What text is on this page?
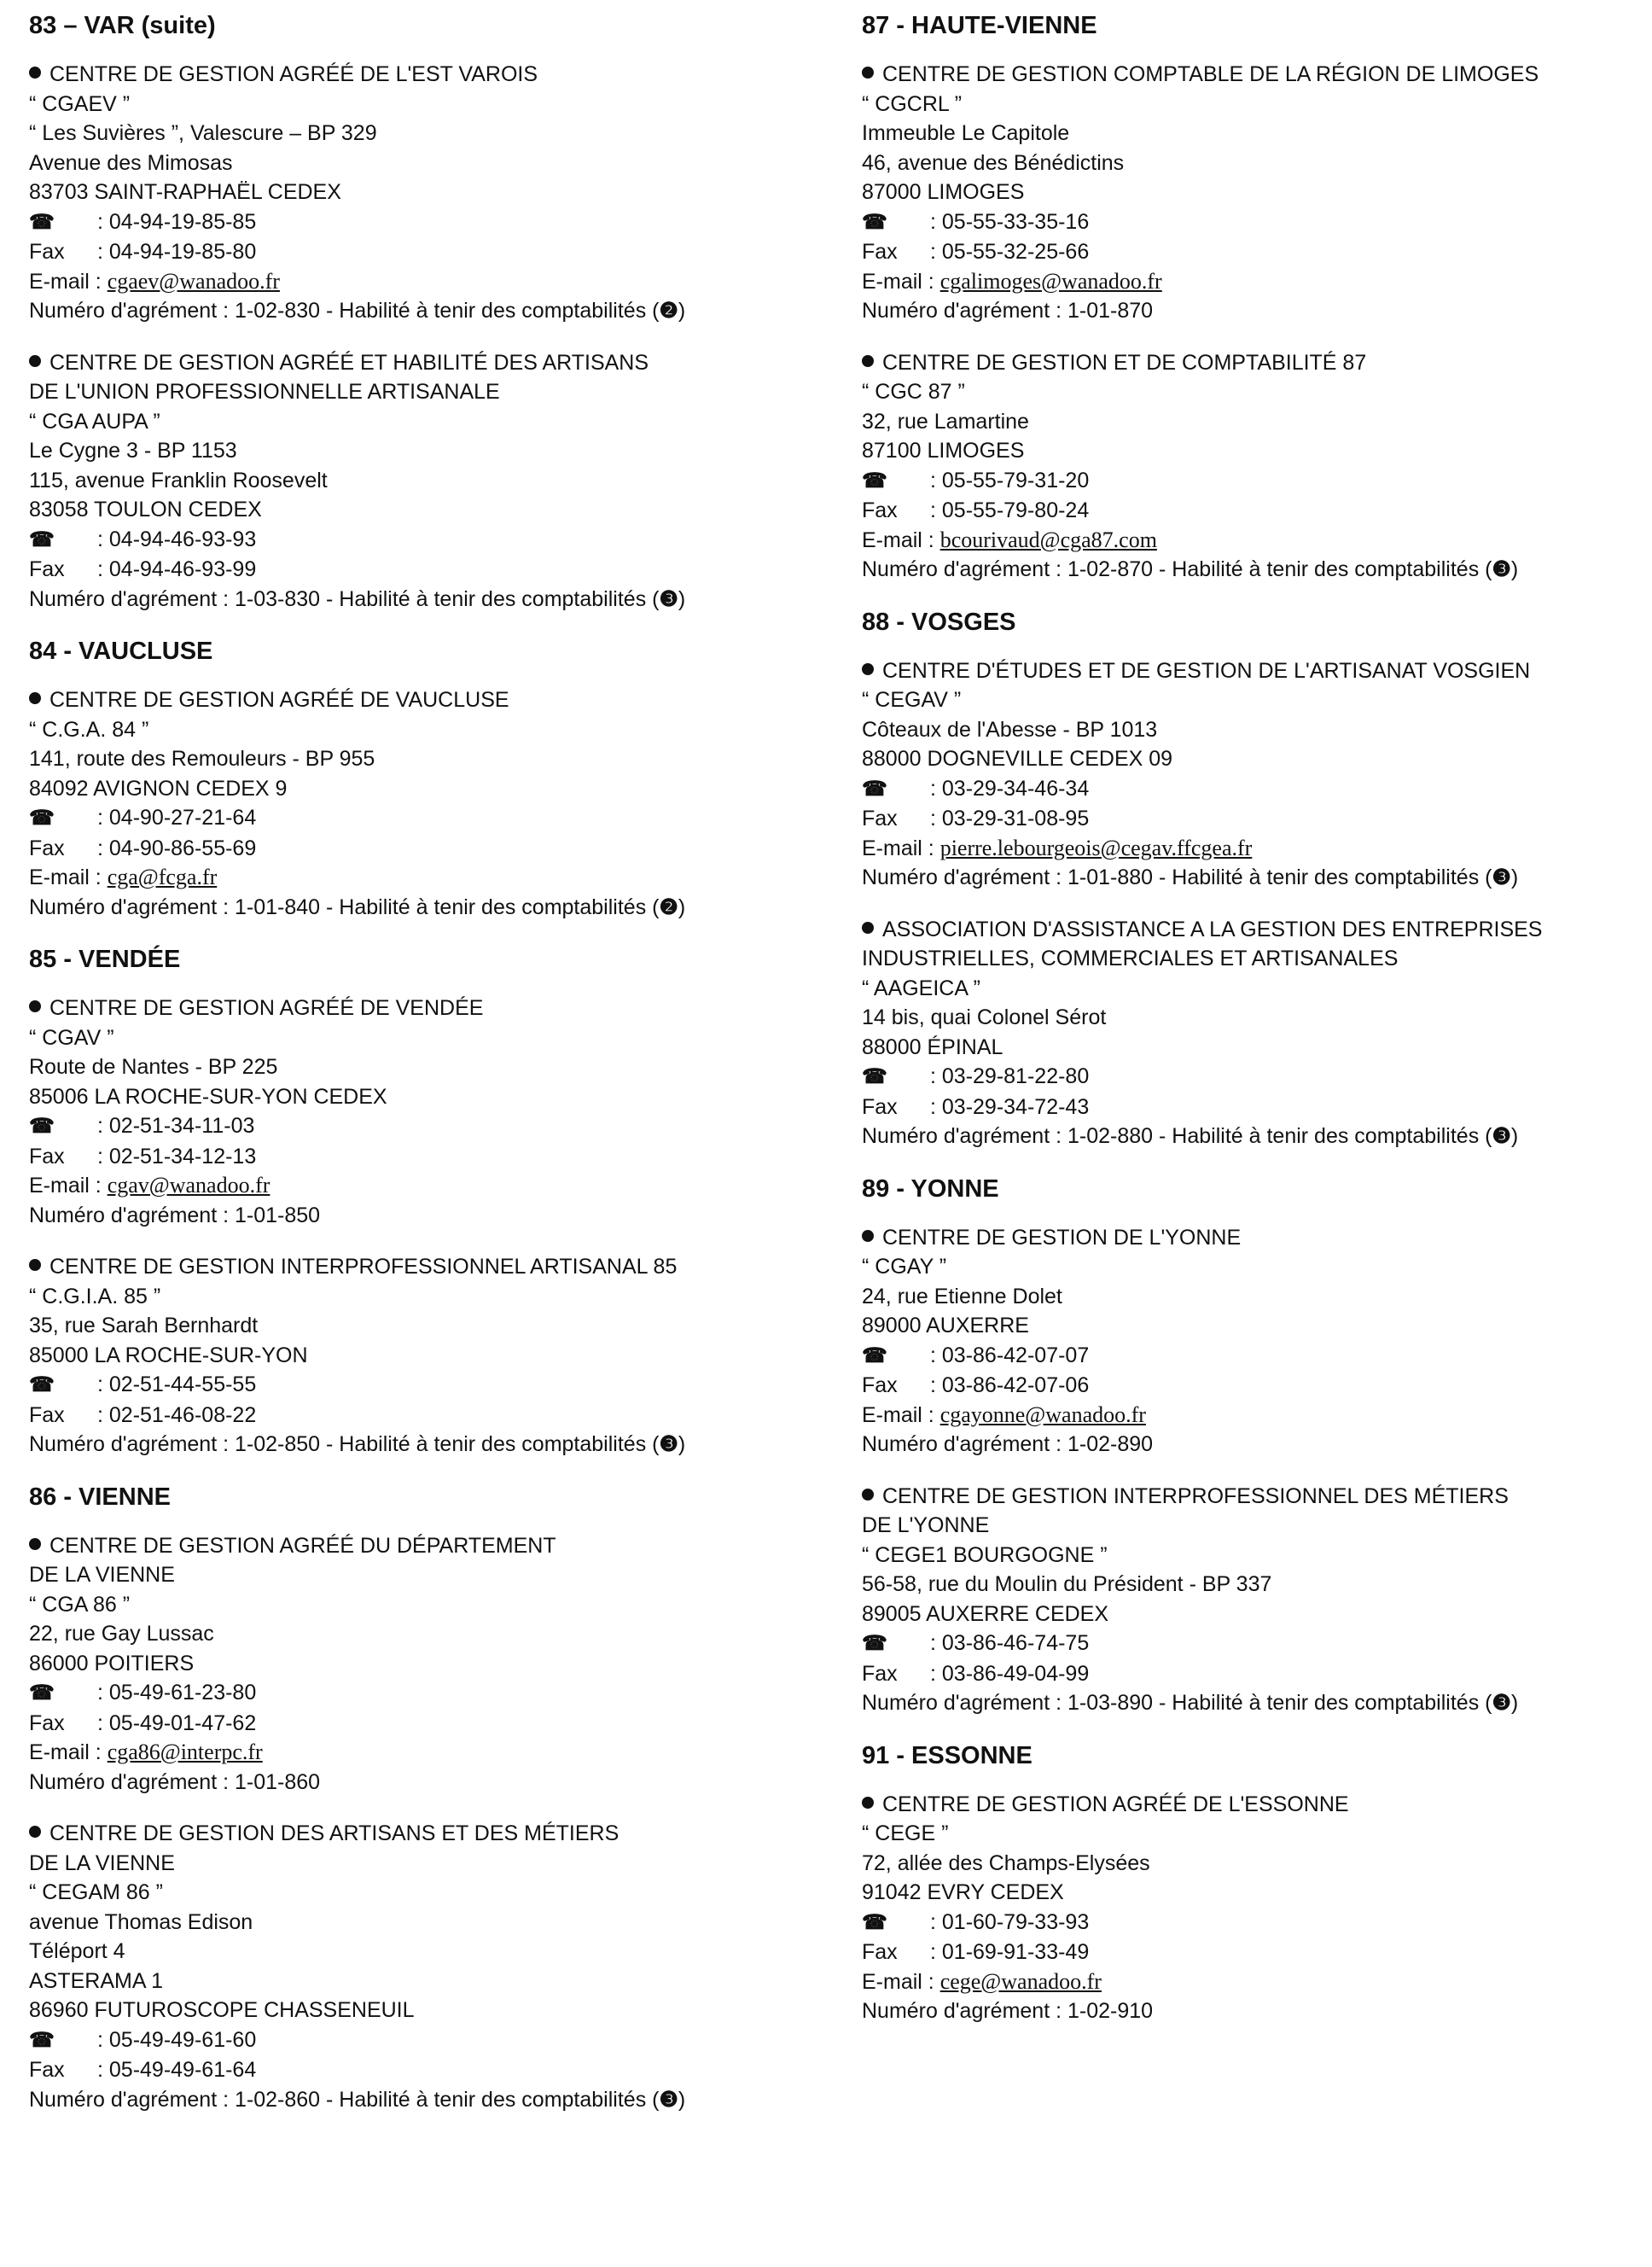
83 – VAR (suite)
CENTRE DE GESTION AGRÉÉ DE L'EST VAROIS
“ CGAEV ”
“ Les Suvières ”, Valescure – BP 329
Avenue des Mimosas
83703 SAINT-RAPHAËL CEDEX
☎ : 04-94-19-85-85
Fax : 04-94-19-85-80
E-mail : cgaev@wanadoo.fr
Numéro d'agrément : 1-02-830 - Habilité à tenir des comptabilités (❷)
CENTRE DE GESTION AGRÉÉ ET HABILITÉ DES ARTISANS
DE L'UNION PROFESSIONNELLE ARTISANALE
“ CGA AUPA ”
Le Cygne 3 - BP 1153
115, avenue Franklin Roosevelt
83058 TOULON CEDEX
☎ : 04-94-46-93-93
Fax : 04-94-46-93-99
Numéro d'agrément : 1-03-830 - Habilité à tenir des comptabilités (❸)
84 - VAUCLUSE
CENTRE DE GESTION AGRÉÉ DE VAUCLUSE
“ C.G.A. 84 ”
141, route des Remouleurs - BP 955
84092 AVIGNON CEDEX 9
☎ : 04-90-27-21-64
Fax : 04-90-86-55-69
E-mail : cga@fcga.fr
Numéro d'agrément : 1-01-840 - Habilité à tenir des comptabilités (❷)
85 - VENDÉE
CENTRE DE GESTION AGRÉÉ DE VENDÉE
“ CGAV ”
Route de Nantes - BP 225
85006 LA ROCHE-SUR-YON CEDEX
☎ : 02-51-34-11-03
Fax : 02-51-34-12-13
E-mail : cgav@wanadoo.fr
Numéro d'agrément : 1-01-850
CENTRE DE GESTION INTERPROFESSIONNEL ARTISANAL 85
“ C.G.I.A. 85 ”
35, rue Sarah Bernhardt
85000 LA ROCHE-SUR-YON
☎ : 02-51-44-55-55
Fax : 02-51-46-08-22
Numéro d'agrément : 1-02-850 - Habilité à tenir des comptabilités (❸)
86 - VIENNE
CENTRE DE GESTION AGRÉÉ DU DÉPARTEMENT
DE LA VIENNE
“ CGA 86 ”
22, rue Gay Lussac
86000 POITIERS
☎ : 05-49-61-23-80
Fax : 05-49-01-47-62
E-mail : cga86@interpc.fr
Numéro d'agrément : 1-01-860
CENTRE DE GESTION DES ARTISANS ET DES MÉTIERS
DE LA VIENNE
“ CEGAM 86 ”
avenue Thomas Edison
Téléport 4
ASTERAMA 1
86960 FUTUROSCOPE CHASSENEUIL
☎ : 05-49-49-61-60
Fax : 05-49-49-61-64
Numéro d'agrément : 1-02-860 - Habilité à tenir des comptabilités (❸)
87 - HAUTE-VIENNE
CENTRE DE GESTION COMPTABLE DE LA RÉGION DE LIMOGES
“ CGCRL ”
Immeuble Le Capitole
46, avenue des Bénédictins
87000 LIMOGES
☎ : 05-55-33-35-16
Fax : 05-55-32-25-66
E-mail : cgalimoges@wanadoo.fr
Numéro d'agrément : 1-01-870
CENTRE DE GESTION ET DE COMPTABILITÉ 87
“ CGC 87 ”
32, rue Lamartine
87100 LIMOGES
☎ : 05-55-79-31-20
Fax : 05-55-79-80-24
E-mail : bcourivaud@cga87.com
Numéro d'agrément : 1-02-870 - Habilité à tenir des comptabilités (❸)
88 - VOSGES
CENTRE D'ÉTUDES ET DE GESTION DE L'ARTISANAT VOSGIEN
“ CEGAV ”
Côteaux de l'Abesse - BP 1013
88000 DOGNEVILLE CEDEX 09
☎ : 03-29-34-46-34
Fax : 03-29-31-08-95
E-mail : pierre.lebourgeois@cegav.ffcgea.fr
Numéro d'agrément : 1-01-880 - Habilité à tenir des comptabilités (❸)
ASSOCIATION D'ASSISTANCE A LA GESTION DES ENTREPRISES
INDUSTRIELLES, COMMERCIALES ET ARTISANALES
“ AAGEICA ”
14 bis, quai Colonel Sérot
88000 ÉPINAL
☎ : 03-29-81-22-80
Fax : 03-29-34-72-43
Numéro d'agrément : 1-02-880 - Habilité à tenir des comptabilités (❸)
89 - YONNE
CENTRE DE GESTION DE L'YONNE
“ CGAY ”
24, rue Etienne Dolet
89000 AUXERRE
☎ : 03-86-42-07-07
Fax : 03-86-42-07-06
E-mail : cgayonne@wanadoo.fr
Numéro d'agrément : 1-02-890
CENTRE DE GESTION INTERPROFESSIONNEL DES MÉTIERS
DE L'YONNE
“ CEGE1 BOURGOGNE ”
56-58, rue du Moulin du Président - BP 337
89005 AUXERRE CEDEX
☎ : 03-86-46-74-75
Fax : 03-86-49-04-99
Numéro d'agrément : 1-03-890 - Habilité à tenir des comptabilités (❸)
91 - ESSONNE
CENTRE DE GESTION AGRÉÉ DE L'ESSONNE
“ CEGE ”
72, allée des Champs-Elysées
91042 EVRY CEDEX
☎ : 01-60-79-33-93
Fax : 01-69-91-33-49
E-mail : cege@wanadoo.fr
Numéro d'agrément : 1-02-910
